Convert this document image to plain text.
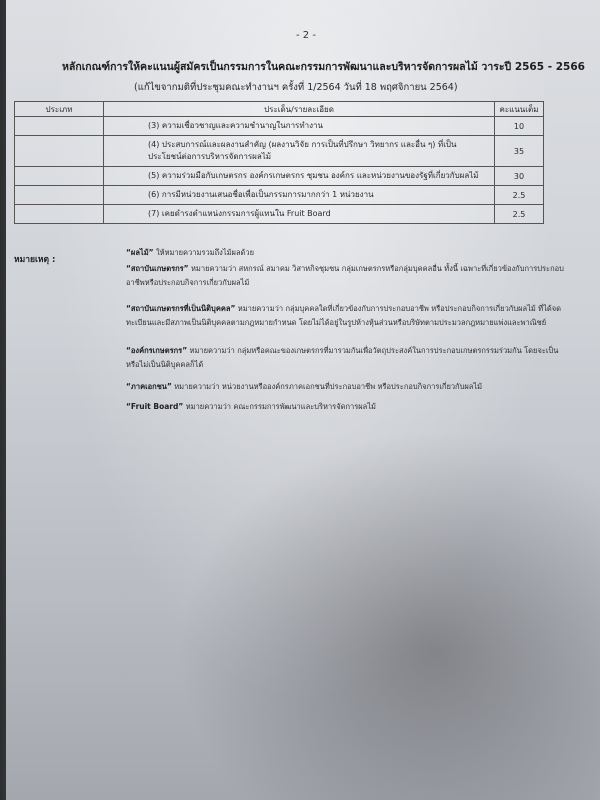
- 2 -
หลักเกณฑ์การให้คะแนนผู้สมัครเป็นกรรมการในคณะกรรมการพัฒนาและบริหารจัดการผลไม้ วาระปี 2565 - 2566
(แก้ไขจากมติที่ประชุมคณะทำงานฯ ครั้งที่ 1/2564 วันที่ 18 พฤศจิกายน 2564)
ประเภท	ประเด็น/รายละเอียด	คะแนนเต็ม

	(3) ความเชื่อวชาญและความชำนาญในการทำงาน	10

	(4) ประสบการณ์และผลงานสำคัญ (ผลงานวิจัย การเป็นที่ปรึกษา วิทยากร และอื่น ๆ) ที่เป็นประโยชน์ต่อการบริหารจัดการผลไม้	35

	(5) ความร่วมมือกับเกษตรกร องค์กรเกษตรกร ชุมชน องค์กร และหน่วยงานของรัฐที่เกี่ยวกับผลไม้	30

	(6) การมีหน่วยงานเสนอชื่อเพื่อเป็นกรรมการมากกว่า 1 หน่วยงาน	2.5

	(7) เคยดำรงตำแหน่งกรรมการผู้แทนใน Fruit Board	2.5
หมายเหตุ :
“ผลไม้” ให้หมายความรวมถึงไม้ผลด้วย
“สถาบันเกษตรกร” หมายความว่า สหกรณ์ สมาคม วิสาหกิจชุมชน กลุ่มเกษตรกรหรือกลุ่มบุคคลอื่น ทั้งนี้ เฉพาะที่เกี่ยวข้องกับการประกอบอาชีพหรือประกอบกิจการเกี่ยวกับผลไม้
“สถาบันเกษตรกรที่เป็นนิติบุคคล” หมายความว่า กลุ่มบุคคลใดที่เกี่ยวข้องกับการประกอบอาชีพ หรือประกอบกิจการเกี่ยวกับผลไม้ ที่ได้จดทะเบียนและมีสภาพเป็นนิติบุคคลตามกฎหมายกำหนด โดยไม่ได้อยู่ในรูปห้างหุ้นส่วนหรือบริษัทตามประมวลกฎหมายแพ่งและพาณิชย์
“องค์กรเกษตรกร” หมายความว่า กลุ่มหรือคณะของเกษตรกรที่มารวมกันเพื่อวัตถุประสงค์ในการประกอบเกษตรกรรมร่วมกัน โดยจะเป็นหรือไม่เป็นนิติบุคคลก็ได้
“ภาคเอกชน” หมายความว่า หน่วยงานหรือองค์กรภาคเอกชนที่ประกอบอาชีพ หรือประกอบกิจการเกี่ยวกับผลไม้
“Fruit Board” หมายความว่า คณะกรรมการพัฒนาและบริหารจัดการผลไม้
